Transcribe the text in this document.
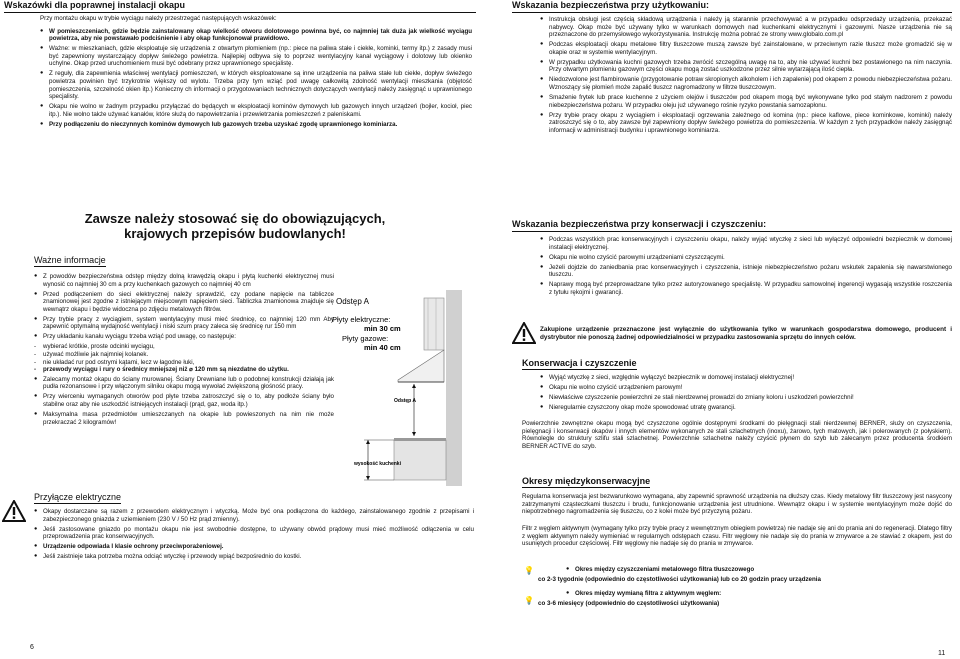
Wskazówki dla poprawnej instalacji okapu

Przy montażu okapu w trybie wyciągu należy przestrzegać następujących wskazówek:

● W pomieszczeniach, gdzie będzie zainstalowany okap wielkość otworu dolotowego powinna być, co najmniej tak duża jak wielkość wyciągu powietrza, aby nie powstawało podciśnienie i aby okap funkcjonował prawidłowo.
● Ważne: w mieszkaniach, gdzie eksploatuje się urządzenia z otwartym płomieniem (np.: piece na paliwa stałe i ciekłe, kominki, termy itp.) z zasady musi być zapewniony wystarczający dopływ świeżego powietrza. Najlepiej odbywa się to poprzez wentylacyjny kanał wyciągowy i dolotowy lub okienko uchylne. Okap przed uruchomieniem musi być odebrany przez uprawnionego specjalistę.
● Z reguły, dla zapewnienia właściwej wentylacji pomieszczeń, w których eksploatowane są inne urządzenia na paliwa stałe lub ciekłe, dopływ świeżego powietrza powinien być trzykrotnie większy od wylotu. Trzeba przy tym wziąć pod uwagę całkowitą zdolność wentylacji mieszkania (objętość pomieszczenia, szczelność okien itp.) Konieczny ch informacji o przygotowaniach technicznych dotyczących wentylacji należy zasięgnąć u uprawnionego specjalisty.
● Okapu nie wolno w żadnym przypadku przyłączać do będących w eksploatacji kominów dymowych lub gazowych innych urządzeń (bojler, kocioł, piec itp.). Nie wolno także używać kanałów, które służą do napowietrzania i przewietrzania pomieszczeń z paleniskami.
● Przy podłączeniu do nieczynnych kominów dymowych lub gazowych trzeba uzyskać zgodę uprawnionego kominiarza.
Zawsze należy stosować się do obowiązujących, krajowych przepisów budowlanych!
Ważne informacje
● Z powodów bezpieczeństwa odstęp między dolną krawędzią okapu i płytą kuchenki elektrycznej musi wynosić co najmniej 30 cm a przy kuchenkach gazowych co najmniej 40 cm
● Przed podłączeniem do sieci elektrycznej należy sprawdzić, czy podane napięcie na tabliczce znamionowej jest zgodne z istniejącym miejscowym napięciem sieci. Tabliczka znamionowa znajduje się wewnątrz okapu i będzie widoczna po zdjęciu metalowych filtrów.
● Przy trybie pracy z wyciągiem, system wentylacyjny musi mieć średnicę, co najmniej 120 mm Aby zapewnić optymalną wydajność wentylacji i niski szum pracy zaleca się średnicę rur 150 mm
● Przy układaniu kanału wyciągu trzeba wziąć pod uwagę, co następuje:
- wybierać krótkie, proste odcinki wyciągu,
- używać możliwie jak najmniej kolanek.
- nie układać rur pod ostrymi kątami, lecz w łagodne łuki,
- przewody wyciągu i rury o średnicy mniejszej niż ⌀ 120 mm są niezdatne do użytku.
● Zalecamy montaż okapu do ściany murowanej. Ściany Drewniane lub o podobnej konstrukcji działają jak pudła rezonansowe i przy włączonym silniku okapu mogą wywołać zwiększoną głośność pracy.
● Przy wierceniu wymaganych otworów pod płyte trzeba zatroszczyć się o to, aby podłoże ściany było stabilne oraz aby nie uszkodzić istniejących instalacji (prąd, gaz, woda itp.)
● Maksymalna masa przedmiotów umieszczanych na okapie lub powieszonych na nim nie może przekraczać 2 kilogramów!
Odstęp A
Płyty elektryczne:
min 30 cm
Płyty gazowe:
min 40 cm
Odstęp A
wysokość kuchenki
Przyłącze elektryczne
● Okapy dostarczane są razem z przewodem elektrycznym i wtyczką. Może być ona podłączona do każdego, zainstalowanego zgodnie z przepisami i zabezpieczonego gniazda z uziemieniem (230 V / 50 Hz prąd zmienny).
● Jeśli zastosowane gniazdo po montażu okapu nie jest swobodnie dostępne, to używany obwód prądowy musi mieć możliwość odłączenia w celu przeprowadzenia prac konserwacyjnych.
● Urządzenie odpowiada I klasie ochrony przeciwporażeniowej.
● Jeśli zaistnieje taka potrzeba można odciąć wtyczkę i przewody wpiąć bezpośrednio do kostki.
6
Wskazania bezpieczeństwa przy użytkowaniu:
● Instrukcja obsługi jest częścią składową urządzenia i należy ją starannie przechowywać a w przypadku odsprzedaży urządzenia, przekazać nabywcy. Okap może być używany tylko w warunkach domowych nad kuchenkami elektrycznymi i gazowymi. Nasze urządzenia nie są przeznaczone do przemysłowego wykorzystywania. Instrukcję można pobrać ze strony www.globalo.com.pl
● Podczas eksploatacji okapu metalowe filtry tłuszczowe muszą zawsze być zainstalowane, w przeciwnym razie tłuszcz może gromadzić się w okapie oraz w systemie wentylacyjnym.
● W przypadku użytkowania kuchni gazowych trzeba zwrócić szczególną uwagę na to, aby nie używać kuchni bez postawionego na nim naczynia. Przy otwartym płomieniu gazowym części okapu mogą zostać uszkodzone przez silnie wytarzającą ilość ciepła.
● Niedozwolone jest flambirowanie (przygotowanie potraw skropionych alkoholem i ich zapalenie) pod okapem z powodu niebezpieczeństwa pożaru. Wznoszący się płomień może zapalić tłuszcz nagromadzony w filtrze tłuszczowym.
● Smażenie frytek lub prace kuchenne z użyciem olejów i tłuszczów pod okapem mogą być wykonywane tylko pod stałym nadzorem z powodu niebezpieczeństwa pożaru. W przypadku oleju już używanego rośnie ryzyko powstania samozapłonu.
● Przy trybie pracy okapu z wyciągiem i eksploatacji ogrzewania zależnego od komina (np.: piece kaflowe, piece kominkowe, kominki) należy zatroszczyć się o to, aby zawsze był zapewniony dopływ świeżego powietrza do pomieszczenia. W każdym z tych przypadków należy zasięgnąć informacji w administracji budynku i uprawnionego kominiarza.
Wskazania bezpieczeństwa przy konserwacji i czyszczeniu:
● Podczas wszystkich prac konserwacyjnych i czyszczeniu okapu, należy wyjąć wtyczkę z sieci lub wyłączyć odpowiedni bezpiecznik w domowej instalacji elektrycznej.
● Okapu nie wolno czyścić parowymi urządzeniami czyszczącymi.
● Jeżeli dojdzie do zaniedbania prac konserwacyjnych i czyszczenia, istnieje niebezpieczeństwo pożaru wskutek zapalenia się nawarstwionego tłuszczu.
● Naprawy mogą być przeprowadzane tylko przez autoryzowanego specjalistę. W przypadku samowolnej ingerencji wygasają wszystkie roszczenia z tytułu rękojmi i gwarancji.

Zakupione urządzenie przeznaczone jest wyłącznie do użytkowania tylko w warunkach gospodarstwa domowego, producent i dystrybutor nie ponoszą żadnej odpowiedzialności w przypadku zastosowania sprzętu do innych celów.

Konserwacja i czyszczenie
● Wyjąć wtyczkę z sieci, względnie wyłączyć bezpiecznik w domowej instalacji elektrycznej!
● Okapu nie wolno czyścić urządzeniem parowym!
● Niewłaściwe czyszczenie powierzchni ze stali nierdzewnej prowadzi do zmiany koloru i uszkodzeń powierzchni!
● Nieregularnie czyszczony okap może spowodować utratę gwarancji.

Powierzchnie zewnętrzne okapu mogą być czyszczone ogólnie dostępnymi środkami do pielęgnacji stali nierdzewnej BERNER, służy on czyszczenia, pielęgnacji i konserwacji okapów i innych elementów wykonanych ze stali szlachetnych (inoxu), żarowo, tych matowych, jak i polerowanych (z połyskiem). Równolegle do struktury szlifu stali szlachetnej. Powierzchnie szlachetne należy czyścić płynem do szyb lub zalecanym przez producenta środkiem BERNER ACTIVE do szyb.

Okresy międzykonserwacyjne

Regularna konserwacja jest bezwarunkowo wymagana, aby zapewnić sprawność urządzenia na dłuższy czas. Kiedy metalowy filtr tłuszczowy jest nasycony zatrzymanymi cząsteczkami tłuszczu i brudu, funkcjonowanie urządzenia jest utrudnione. Wewnątrz okapu i w systemie wentylacyjnym może dojść do niepotrzebnego nagromadzenia się tłuszczu, co z kolei może być przyczyną pożaru.

Filtr z węglem aktywnym (wymagany tylko przy trybie pracy z wewnętrznym obiegiem powietrza) nie nadaje się ani do prania ani do regeneracji. Dlatego filtry z węglem aktywnym należy wymieniać w regularnych odstępach czasu. Filtr węglowy nie nadaje się do prania w zmywarce a ze stawiać z okapem, jest do usuniętych procedur częściowej. Filtr węglowy nie nadaje się do prania w zmywarce.

💡
●	Okres między czyszczeniami metalowego filtra tłuszczowego

co 2-3 tygodnie (odpowiednio do częstotliwości użytkowania) lub co 20 godzin pracy urządzenia

💡
● Okres między wymianą filtra z aktywnym węglem:

co 3-6 miesięcy (odpowiednio do częstotliwości użytkowania)

11
